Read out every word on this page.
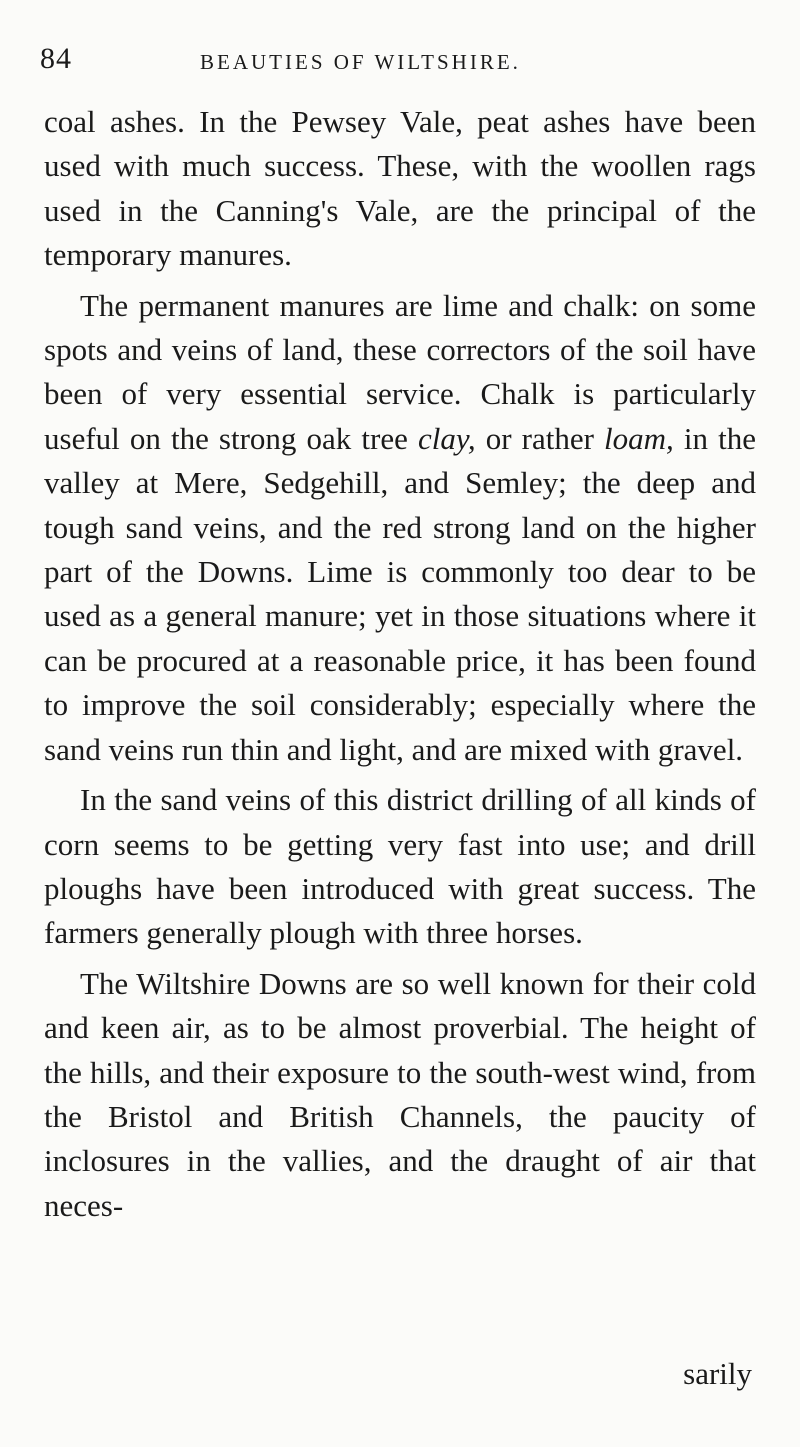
84	BEAUTIES OF WILTSHIRE.

coal ashes. In the Pewsey Vale, peat ashes have been used with much success. These, with the woollen rags used in the Canning's Vale, are the principal of the temporary manures.

The permanent manures are lime and chalk: on some spots and veins of land, these correctors of the soil have been of very essential service. Chalk is particularly useful on the strong oak tree clay, or rather loam, in the valley at Mere, Sedgehill, and Semley; the deep and tough sand veins, and the red strong land on the higher part of the Downs. Lime is commonly too dear to be used as a general manure; yet in those situations where it can be procured at a reasonable price, it has been found to improve the soil considerably; especially where the sand veins run thin and light, and are mixed with gravel.

In the sand veins of this district drilling of all kinds of corn seems to be getting very fast into use; and drill ploughs have been introduced with great success. The farmers generally plough with three horses.

The Wiltshire Downs are so well known for their cold and keen air, as to be almost proverbial. The height of the hills, and their exposure to the south-west wind, from the Bristol and British Channels, the paucity of inclosures in the vallies, and the draught of air that neces-

sarily
